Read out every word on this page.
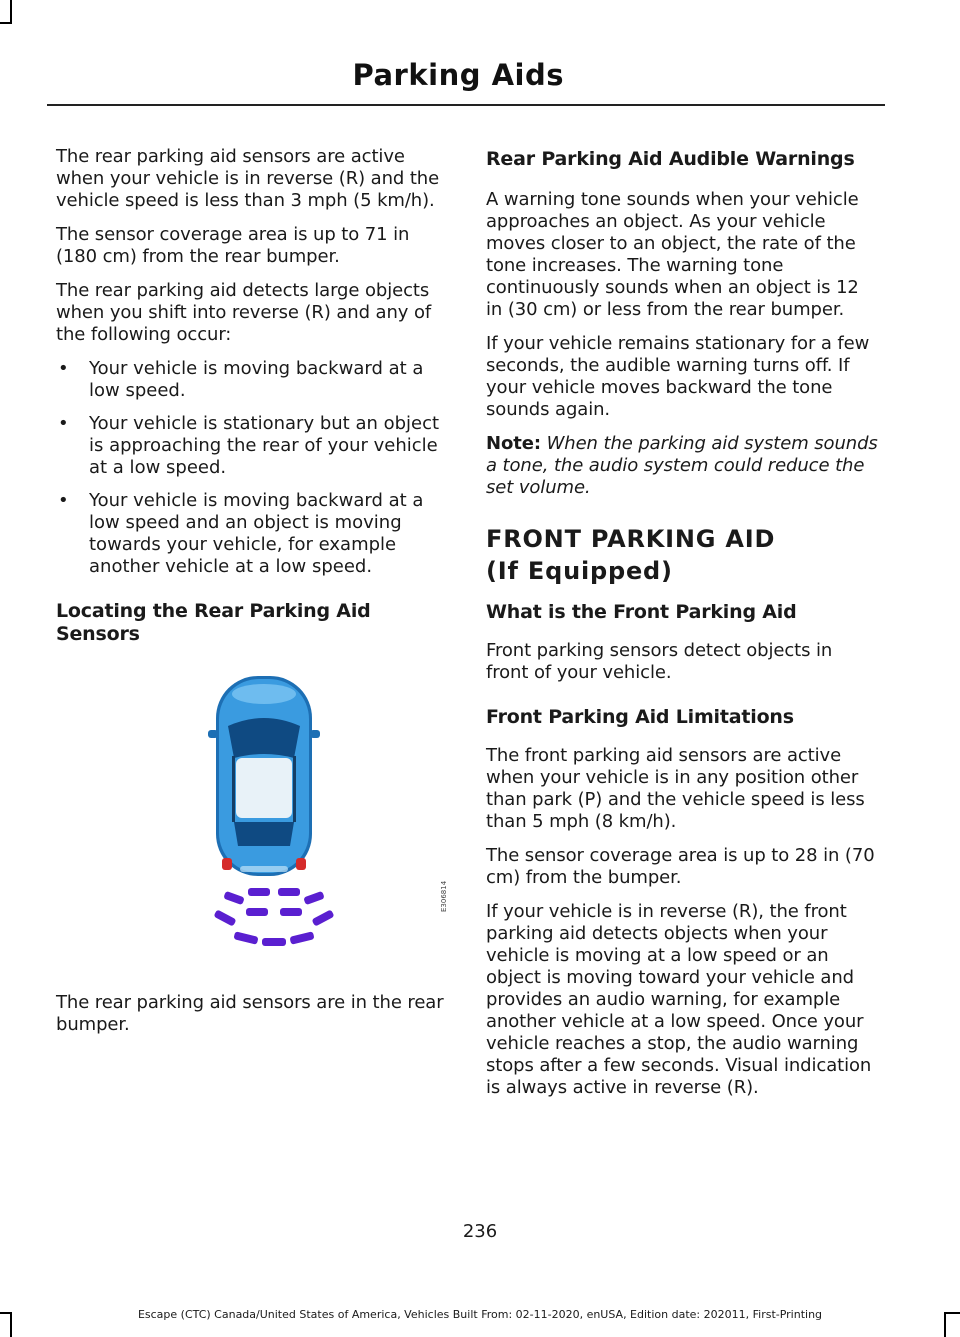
Parking Aids

The rear parking aid sensors are active when your vehicle is in reverse (R) and the vehicle speed is less than 3 mph (5 km/h).

The sensor coverage area is up to 71 in (180 cm) from the rear bumper.

The rear parking aid detects large objects when you shift into reverse (R) and any of the following occur:

• Your vehicle is moving backward at a low speed.
• Your vehicle is stationary but an object is approaching the rear of your vehicle at a low speed.
• Your vehicle is moving backward at a low speed and an object is moving towards your vehicle, for example another vehicle at a low speed.
Locating the Rear Parking Aid Sensors
E306814

The rear parking aid sensors are in the rear bumper.

Rear Parking Aid Audible Warnings

A warning tone sounds when your vehicle approaches an object. As your vehicle moves closer to an object, the rate of the tone increases. The warning tone continuously sounds when an object is 12 in (30 cm) or less from the rear bumper.

If your vehicle remains stationary for a few seconds, the audible warning turns off. If your vehicle moves backward the tone sounds again.

Note: When the parking aid system sounds a tone, the audio system could reduce the set volume.

FRONT PARKING AID (If Equipped)
What is the Front Parking Aid

Front parking sensors detect objects in front of your vehicle.

Front Parking Aid Limitations

The front parking aid sensors are active when your vehicle is in any position other than park (P) and the vehicle speed is less than 5 mph (8 km/h).

The sensor coverage area is up to 28 in (70 cm) from the bumper.

If your vehicle is in reverse (R), the front parking aid detects objects when your vehicle is moving at a low speed or an object is moving toward your vehicle and provides an audio warning, for example another vehicle at a low speed. Once your vehicle reaches a stop, the audio warning stops after a few seconds. Visual indication is always active in reverse (R).

236
Escape (CTC) Canada/United States of America, Vehicles Built From: 02-11-2020, enUSA, Edition date: 202011, First-Printing
